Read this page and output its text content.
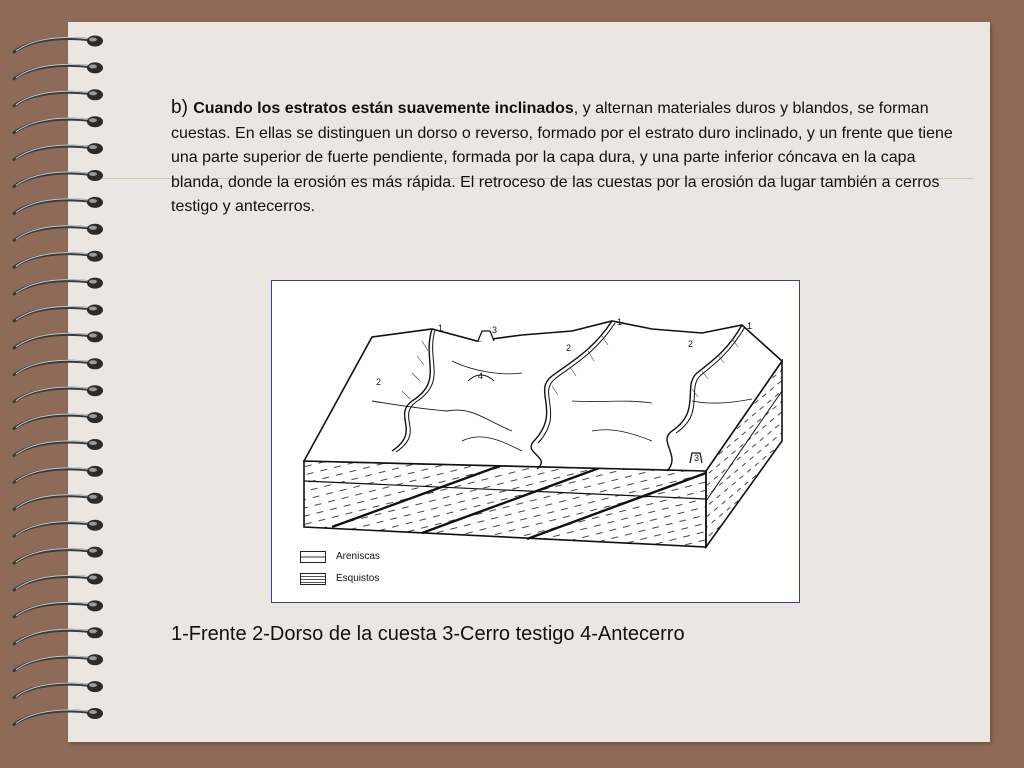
b) Cuando los estratos están suavemente inclinados, y alternan materiales duros y blandos, se forman cuestas. En ellas se distinguen un dorso o reverso, formado por el estrato duro inclinado, y un frente que tiene una parte superior de fuerte pendiente, formada por la capa dura, y una parte inferior cóncava en la capa blanda, donde la erosión es más rápida. El retroceso de las cuestas por la erosión da lugar también a cerros testigo y antecerros.

1
1	1
2
2	2
3
3
4
Areniscas
Esquistos
1-Frente 2-Dorso de la cuesta 3-Cerro testigo 4-Antecerro
